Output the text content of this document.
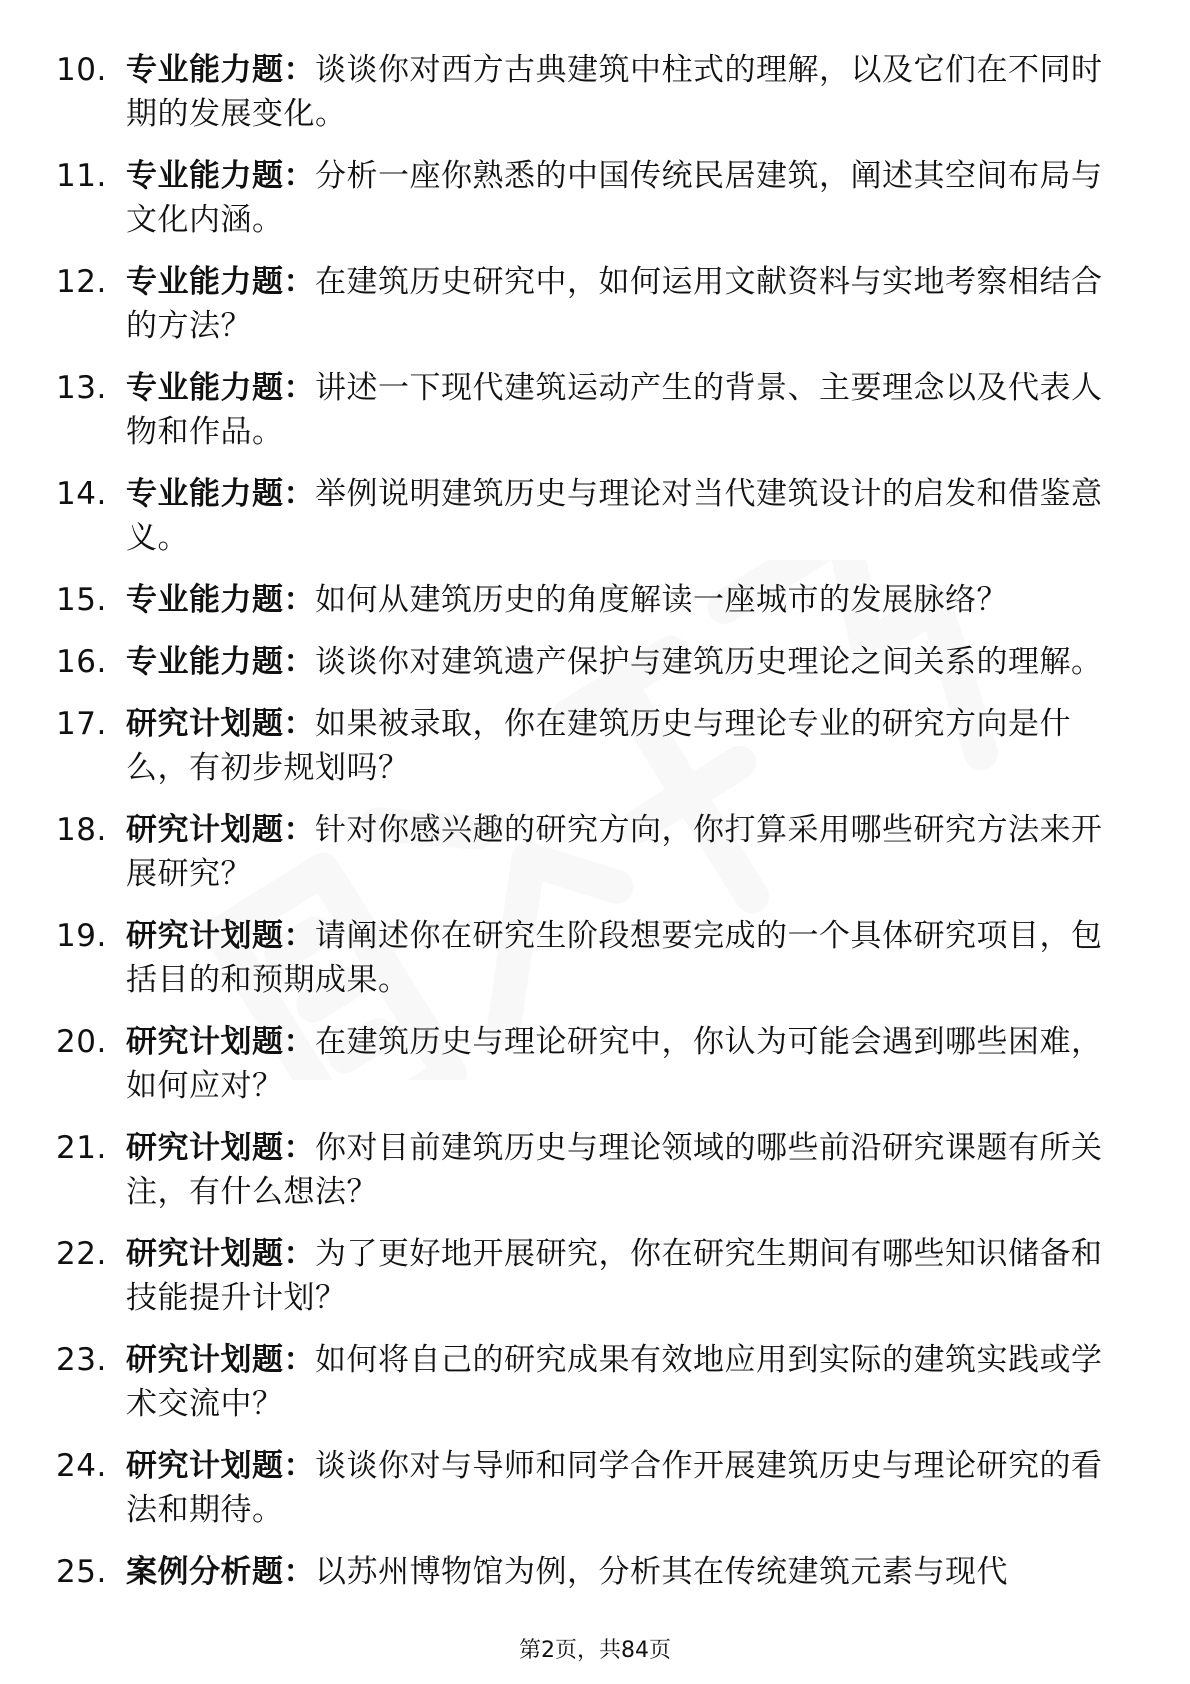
10. 专业能力题：谈谈你对西方古典建筑中柱式的理解，以及它们在不同时期的发展变化。
11. 专业能力题：分析一座你熟悉的中国传统民居建筑，阐述其空间布局与文化内涵。
12. 专业能力题：在建筑历史研究中，如何运用文献资料与实地考察相结合的方法？
13. 专业能力题：讲述一下现代建筑运动产生的背景、主要理念以及代表人物和作品。
14. 专业能力题：举例说明建筑历史与理论对当代建筑设计的启发和借鉴意义。
15. 专业能力题：如何从建筑历史的角度解读一座城市的发展脉络？
16. 专业能力题：谈谈你对建筑遗产保护与建筑历史理论之间关系的理解。
17. 研究计划题：如果被录取，你在建筑历史与理论专业的研究方向是什么，有初步规划吗？
18. 研究计划题：针对你感兴趣的研究方向，你打算采用哪些研究方法来开展研究？
19. 研究计划题：请阐述你在研究生阶段想要完成的一个具体研究项目，包括目的和预期成果。
20. 研究计划题：在建筑历史与理论研究中，你认为可能会遇到哪些困难，如何应对？
21. 研究计划题：你对目前建筑历史与理论领域的哪些前沿研究课题有所关注，有什么想法？
22. 研究计划题：为了更好地开展研究，你在研究生期间有哪些知识储备和技能提升计划？
23. 研究计划题：如何将自己的研究成果有效地应用到实际的建筑实践或学术交流中？
24. 研究计划题：谈谈你对与导师和同学合作开展建筑历史与理论研究的看法和期待。
25. 案例分析题：以苏州博物馆为例，分析其在传统建筑元素与现代
第2页，共84页
